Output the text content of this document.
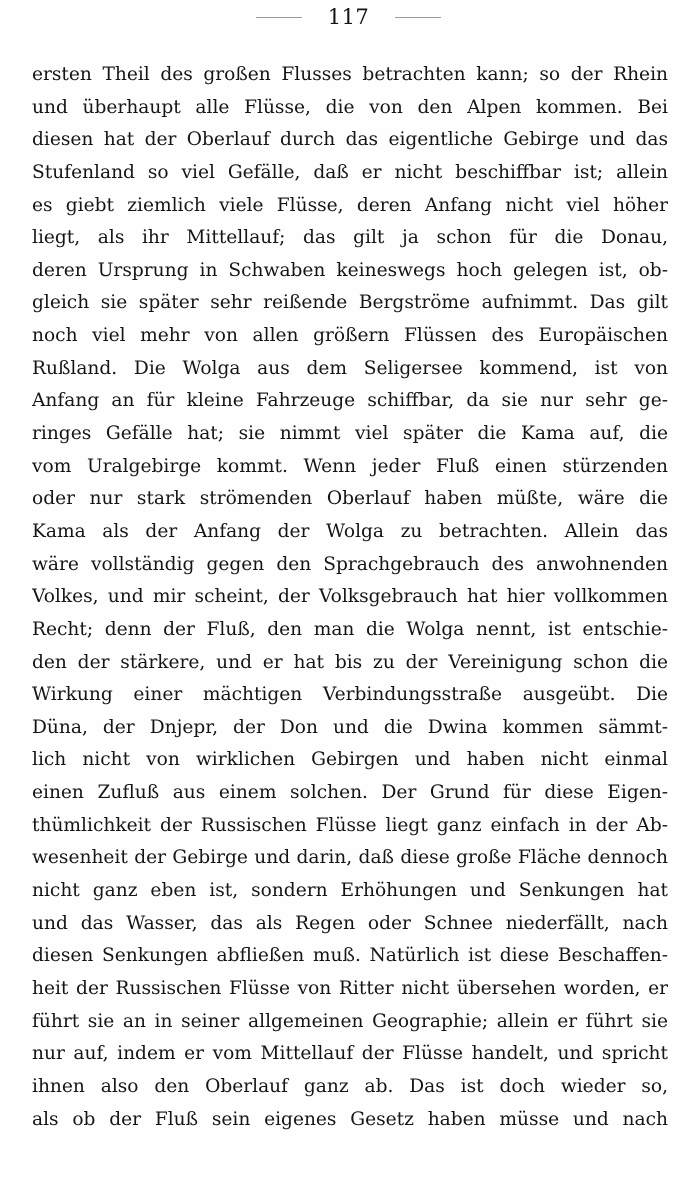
117
ersten Theil des großen Flusses betrachten kann; so der Rhein
und überhaupt alle Flüsse, die von den Alpen kommen. Bei
diesen hat der Oberlauf durch das eigentliche Gebirge und das
Stufenland so viel Gefälle, daß er nicht beschiffbar ist; allein
es giebt ziemlich viele Flüsse, deren Anfang nicht viel höher
liegt, als ihr Mittellauf; das gilt ja schon für die Donau,
deren Ursprung in Schwaben keineswegs hoch gelegen ist, ob-
gleich sie später sehr reißende Bergströme aufnimmt. Das gilt
noch viel mehr von allen größern Flüssen des Europäischen
Rußland. Die Wolga aus dem Seligersee kommend, ist von
Anfang an für kleine Fahrzeuge schiffbar, da sie nur sehr ge-
ringes Gefälle hat; sie nimmt viel später die Kama auf, die
vom Uralgebirge kommt. Wenn jeder Fluß einen stürzenden
oder nur stark strömenden Oberlauf haben müßte, wäre die
Kama als der Anfang der Wolga zu betrachten. Allein das
wäre vollständig gegen den Sprachgebrauch des anwohnenden
Volkes, und mir scheint, der Volksgebrauch hat hier vollkommen
Recht; denn der Fluß, den man die Wolga nennt, ist entschie-
den der stärkere, und er hat bis zu der Vereinigung schon die
Wirkung einer mächtigen Verbindungsstraße ausgeübt. Die
Düna, der Dnjepr, der Don und die Dwina kommen sämmt-
lich nicht von wirklichen Gebirgen und haben nicht einmal
einen Zufluß aus einem solchen. Der Grund für diese Eigen-
thümlichkeit der Russischen Flüsse liegt ganz einfach in der Ab-
wesenheit der Gebirge und darin, daß diese große Fläche dennoch
nicht ganz eben ist, sondern Erhöhungen und Senkungen hat
und das Wasser, das als Regen oder Schnee niederfällt, nach
diesen Senkungen abfließen muß. Natürlich ist diese Beschaffen-
heit der Russischen Flüsse von Ritter nicht übersehen worden, er
führt sie an in seiner allgemeinen Geographie; allein er führt sie
nur auf, indem er vom Mittellauf der Flüsse handelt, und spricht
ihnen also den Oberlauf ganz ab. Das ist doch wieder so,
als ob der Fluß sein eigenes Gesetz haben müsse und nach
